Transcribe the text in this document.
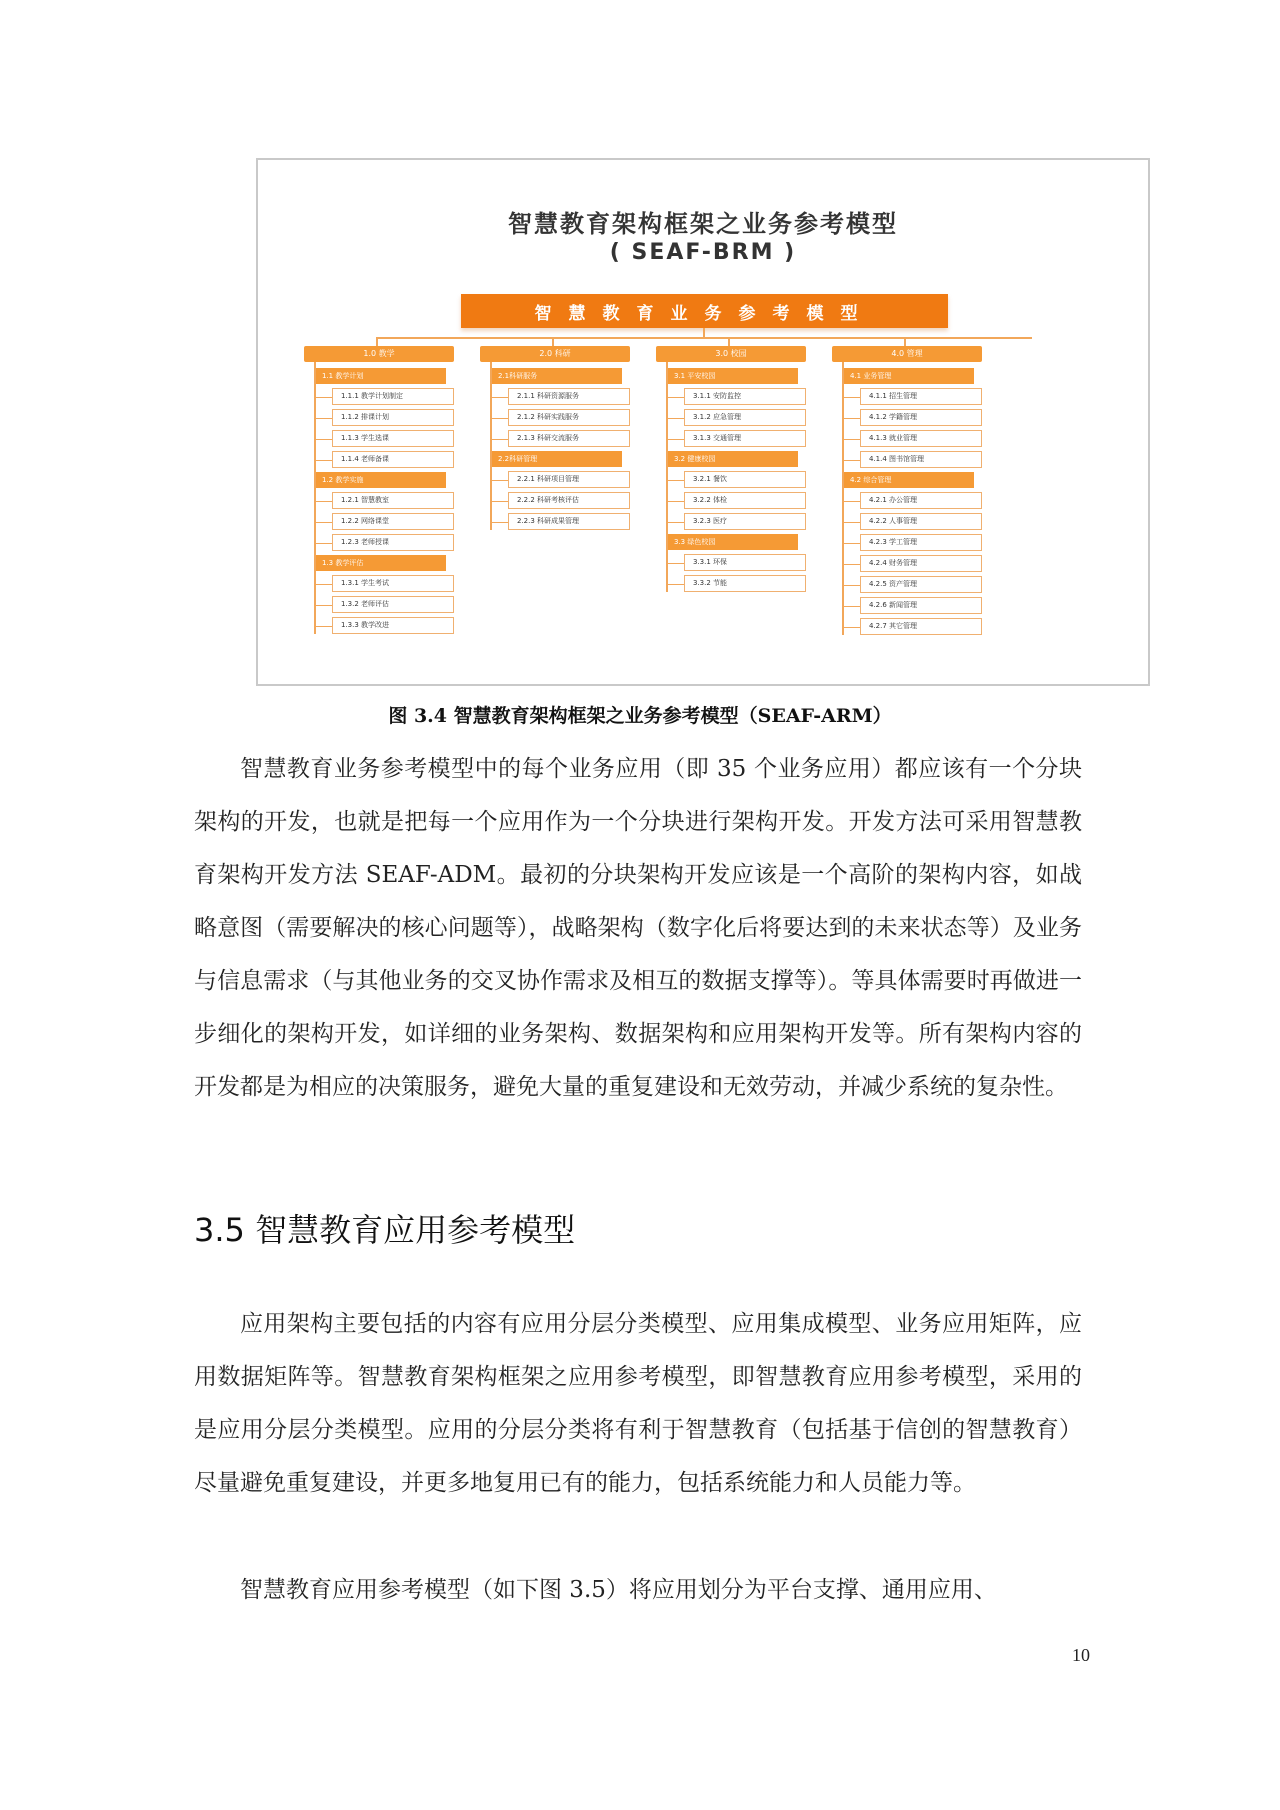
智慧教育架构框架之业务参考模型
( SEAF-BRM )
智慧教育业务参考模型
1.0 教学
1.1 教学计划
1.1.1 教学计划制定
1.1.2 排课计划
1.1.3 学生选课
1.1.4 老师备课
1.2 教学实施
1.2.1 智慧教室
1.2.2 网络课堂
1.2.3 老师授课
1.3 教学评估
1.3.1 学生考试
1.3.2 老师评估
1.3.3 教学改进
2.0 科研
2.1科研服务
2.1.1 科研资源服务
2.1.2 科研实践服务
2.1.3 科研交流服务
2.2科研管理
2.2.1 科研项目管理
2.2.2 科研考核评估
2.2.3 科研成果管理
3.0 校园
3.1 平安校园
3.1.1 安防监控
3.1.2 应急管理
3.1.3 交通管理
3.2 健康校园
3.2.1 餐饮
3.2.2 体检
3.2.3 医疗
3.3 绿色校园
3.3.1 环保
3.3.2 节能
4.0 管理
4.1 业务管理
4.1.1 招生管理
4.1.2 学籍管理
4.1.3 就业管理
4.1.4 图书馆管理
4.2 综合管理
4.2.1 办公管理
4.2.2 人事管理
4.2.3 学工管理
4.2.4 财务管理
4.2.5 资产管理
4.2.6 新闻管理
4.2.7 其它管理
图 3.4 智慧教育架构框架之业务参考模型（SEAF-ARM）

智慧教育业务参考模型中的每个业务应用（即 35 个业务应用）都应该有一个分块架构的开发，也就是把每一个应用作为一个分块进行架构开发。开发方法可采用智慧教育架构开发方法 SEAF-ADM。最初的分块架构开发应该是一个高阶的架构内容，如战略意图（需要解决的核心问题等），战略架构（数字化后将要达到的未来状态等）及业务与信息需求（与其他业务的交叉协作需求及相互的数据支撑等）。等具体需要时再做进一步细化的架构开发，如详细的业务架构、数据架构和应用架构开发等。所有架构内容的开发都是为相应的决策服务，避免大量的重复建设和无效劳动，并减少系统的复杂性。

3.5 智慧教育应用参考模型

应用架构主要包括的内容有应用分层分类模型、应用集成模型、业务应用矩阵，应用数据矩阵等。智慧教育架构框架之应用参考模型，即智慧教育应用参考模型，采用的是应用分层分类模型。应用的分层分类将有利于智慧教育（包括基于信创的智慧教育）尽量避免重复建设，并更多地复用已有的能力，包括系统能力和人员能力等。

智慧教育应用参考模型（如下图 3.5）将应用划分为平台支撑、通用应用、

10
